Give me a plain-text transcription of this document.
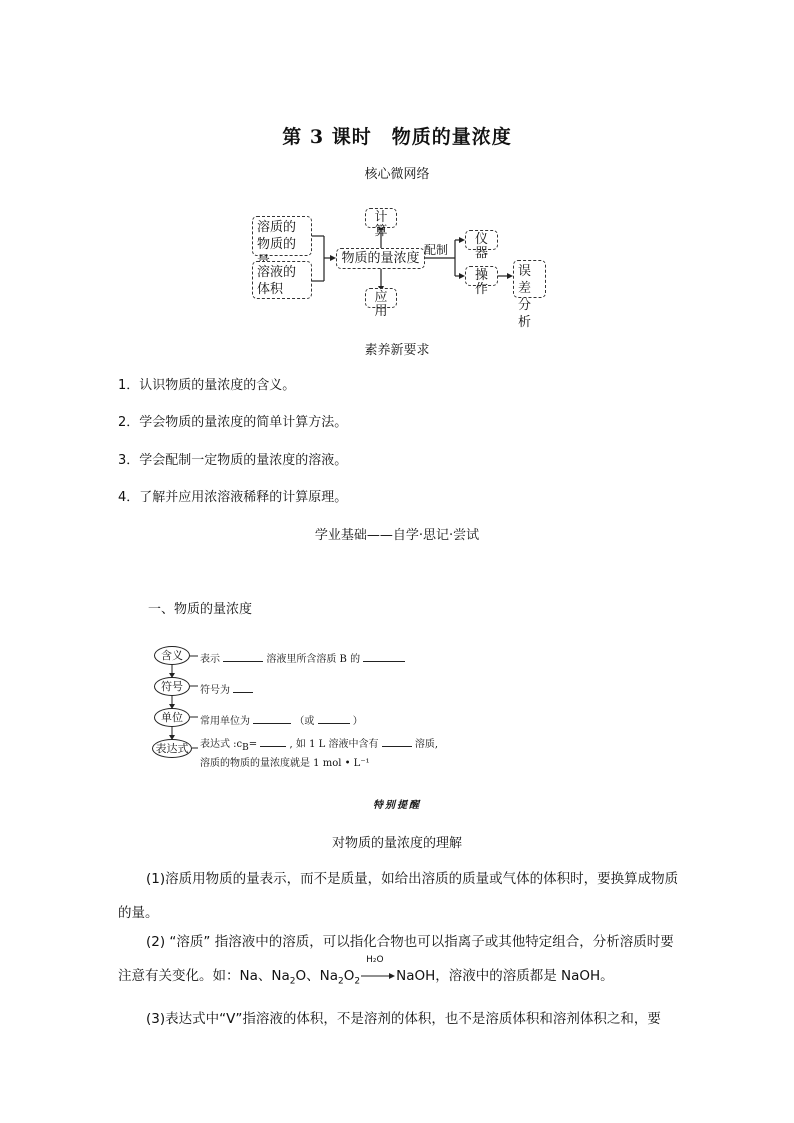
第 3 课时　物质的量浓度
核心微网络
溶质的物质的
溶液的体积
物质的量浓度
计算
应用
配制
仪器
操作
误差分析
素养新要求
1．认识物质的量浓度的含义。
2．学会物质的量浓度的简单计算方法。
3．学会配制一定物质的量浓度的溶液。
4．了解并应用浓溶液稀释的计算原理。
学业基础——自学·思记·尝试
一、物质的量浓度
含义	表示	溶液里所含溶质 B 的
符号	符号为
单位	常用单位为	（或	）
表达式	表达式 $:c_B=$	, 如 1 L 溶液中含有	溶质,
溶质的物质的量浓度就是 1 mol • L⁻¹
特别提醒
对物质的量浓度的理解
(1)溶质用物质的量表示，而不是质量，如给出溶质的质量或气体的体积时，要换算成物质的量。
(2) “溶质” 指溶液中的溶质，可以指化合物也可以指离子或其他特定组合，分析溶质时要注意有关变化。如：Na、$Na_2O$、$Na_2O_2$
H₂O
NaOH，溶液中的溶质都是 NaOH。
(3)表达式中“V”指溶液的体积，不是溶剂的体积，也不是溶质体积和溶剂体积之和，要
